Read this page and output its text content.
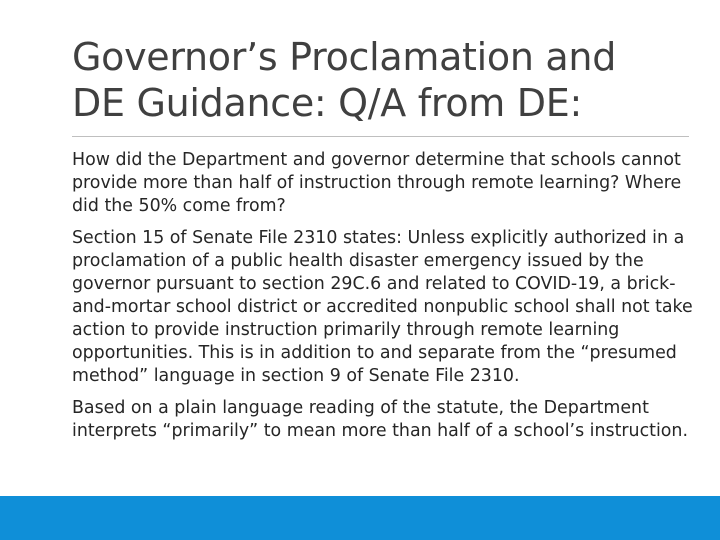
Governor’s Proclamation and
DE Guidance: Q/A from DE:

How did the Department and governor determine that schools cannot provide more than half of instruction through remote learning? Where did the 50% come from?

Section 15 of Senate File 2310 states: Unless explicitly authorized in a proclamation of a public health disaster emergency issued by the governor pursuant to section 29C.6 and related to COVID-19, a brick-and-mortar school district or accredited nonpublic school shall not take action to provide instruction primarily through remote learning opportunities. This is in addition to and separate from the “presumed method” language in section 9 of Senate File 2310.

Based on a plain language reading of the statute, the Department interprets “primarily” to mean more than half of a school’s instruction.
